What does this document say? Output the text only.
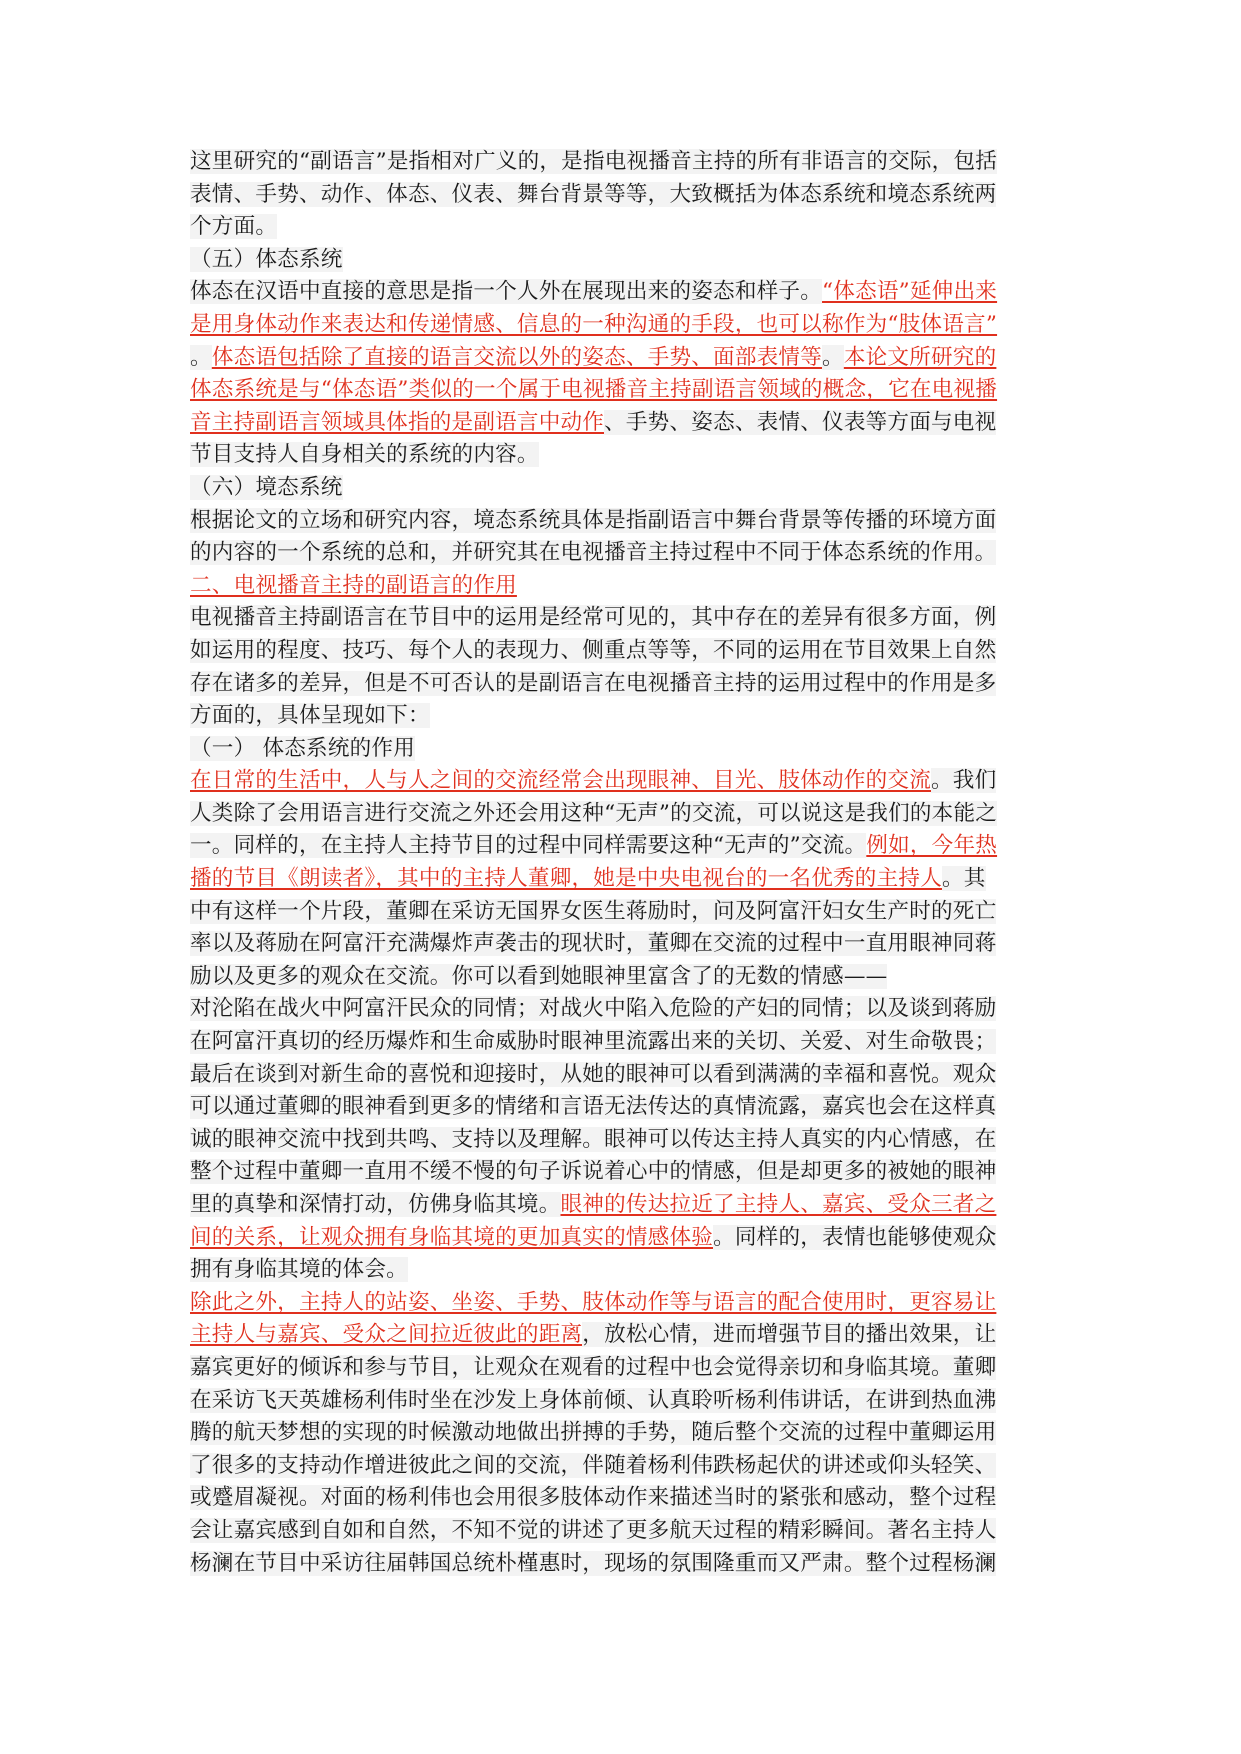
这里研究的“副语言”是指相对广义的，是指电视播音主持的所有非语言的交际，包括
表情、手势、动作、体态、仪表、舞台背景等等，大致概括为体态系统和境态系统两
个方面。
（五）体态系统
体态在汉语中直接的意思是指一个人外在展现出来的姿态和样子。“体态语”延伸出来
是用身体动作来表达和传递情感、信息的一种沟通的手段，也可以称作为“肢体语言”
。体态语包括除了直接的语言交流以外的姿态、手势、面部表情等。本论文所研究的
体态系统是与“体态语”类似的一个属于电视播音主持副语言领域的概念，它在电视播
音主持副语言领域具体指的是副语言中动作、手势、姿态、表情、仪表等方面与电视
节目支持人自身相关的系统的内容。
（六）境态系统
根据论文的立场和研究内容，境态系统具体是指副语言中舞台背景等传播的环境方面
的内容的一个系统的总和，并研究其在电视播音主持过程中不同于体态系统的作用。
二、电视播音主持的副语言的作用
电视播音主持副语言在节目中的运用是经常可见的，其中存在的差异有很多方面，例
如运用的程度、技巧、每个人的表现力、侧重点等等，不同的运用在节目效果上自然
存在诸多的差异，但是不可否认的是副语言在电视播音主持的运用过程中的作用是多
方面的，具体呈现如下：
（一） 体态系统的作用
在日常的生活中，人与人之间的交流经常会出现眼神、目光、肢体动作的交流。我们
人类除了会用语言进行交流之外还会用这种“无声”的交流，可以说这是我们的本能之
一。同样的，在主持人主持节目的过程中同样需要这种“无声的”交流。例如，今年热
播的节目《朗读者》，其中的主持人董卿，她是中央电视台的一名优秀的主持人。其
中有这样一个片段，董卿在采访无国界女医生蒋励时，问及阿富汗妇女生产时的死亡
率以及蒋励在阿富汗充满爆炸声袭击的现状时，董卿在交流的过程中一直用眼神同蒋
励以及更多的观众在交流。你可以看到她眼神里富含了的无数的情感——
对沦陷在战火中阿富汗民众的同情；对战火中陷入危险的产妇的同情；以及谈到蒋励
在阿富汗真切的经历爆炸和生命威胁时眼神里流露出来的关切、关爱、对生命敬畏；
最后在谈到对新生命的喜悦和迎接时，从她的眼神可以看到满满的幸福和喜悦。观众
可以通过董卿的眼神看到更多的情绪和言语无法传达的真情流露，嘉宾也会在这样真
诚的眼神交流中找到共鸣、支持以及理解。眼神可以传达主持人真实的内心情感，在
整个过程中董卿一直用不缓不慢的句子诉说着心中的情感，但是却更多的被她的眼神
里的真挚和深情打动，仿佛身临其境。眼神的传达拉近了主持人、嘉宾、受众三者之
间的关系，让观众拥有身临其境的更加真实的情感体验。同样的，表情也能够使观众
拥有身临其境的体会。
除此之外，主持人的站姿、坐姿、手势、肢体动作等与语言的配合使用时，更容易让
主持人与嘉宾、受众之间拉近彼此的距离，放松心情，进而增强节目的播出效果，让
嘉宾更好的倾诉和参与节目，让观众在观看的过程中也会觉得亲切和身临其境。董卿
在采访飞天英雄杨利伟时坐在沙发上身体前倾、认真聆听杨利伟讲话，在讲到热血沸
腾的航天梦想的实现的时候激动地做出拼搏的手势，随后整个交流的过程中董卿运用
了很多的支持动作增进彼此之间的交流，伴随着杨利伟跌杨起伏的讲述或仰头轻笑、
或蹙眉凝视。对面的杨利伟也会用很多肢体动作来描述当时的紧张和感动，整个过程
会让嘉宾感到自如和自然，不知不觉的讲述了更多航天过程的精彩瞬间。著名主持人
杨澜在节目中采访往届韩国总统朴槿惠时，现场的氛围隆重而又严肃。整个过程杨澜
